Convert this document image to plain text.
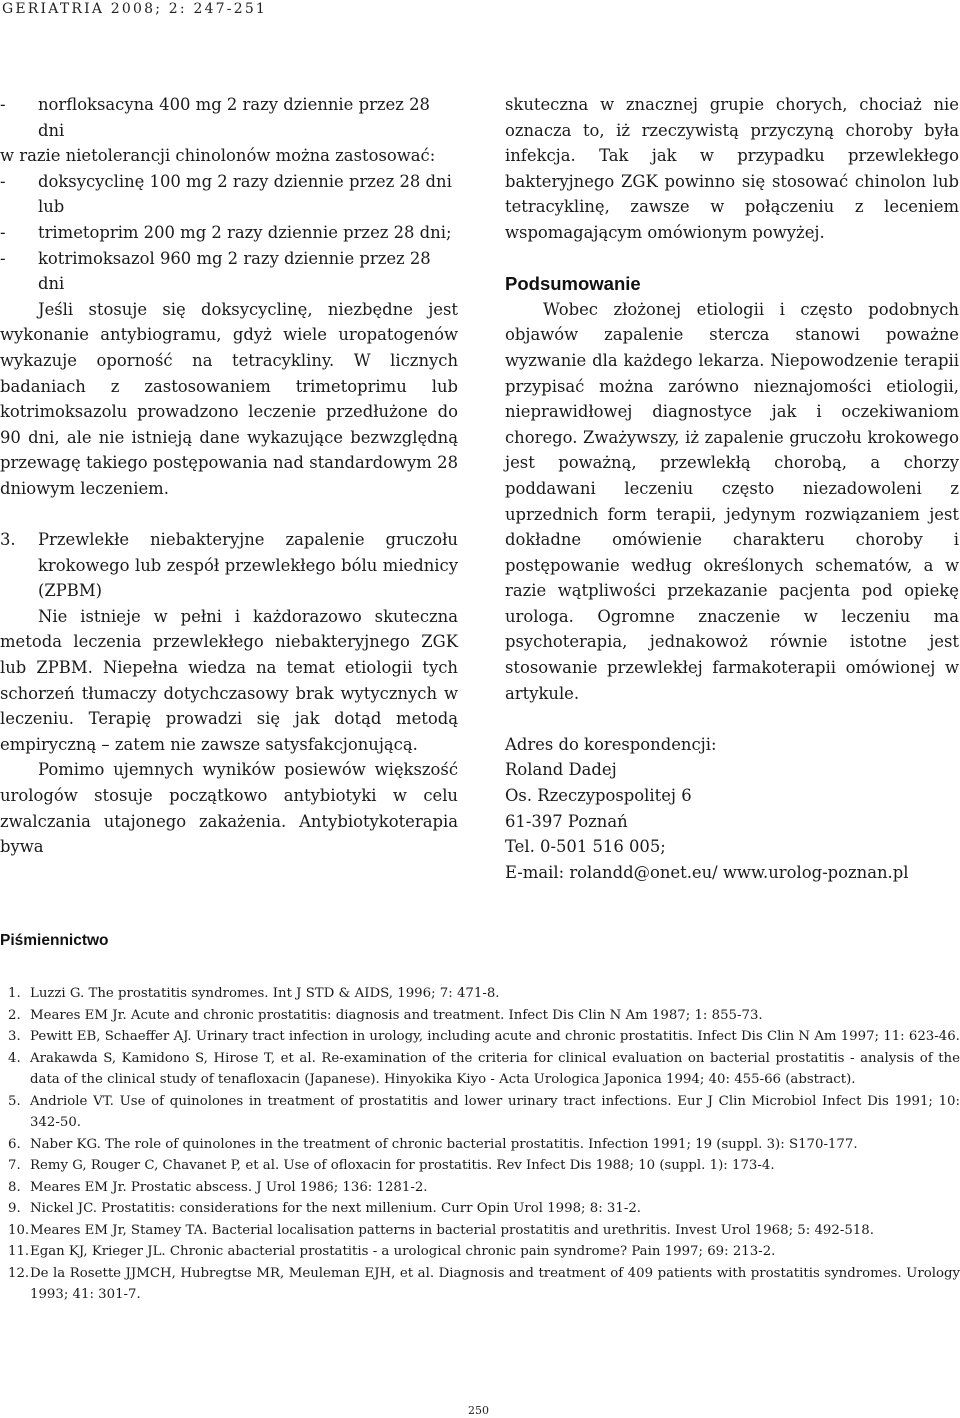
GERIATRIA 2008; 2: 247-251
-	norfloksacyna 400 mg 2 razy dziennie przez 28 dni

w razie nietolerancji chinolonów można zastosować:

-	doksycyclinę 100 mg 2 razy dziennie przez 28 dni lub
-	trimetoprim 200 mg 2 razy dziennie przez 28 dni;
-	kotrimoksazol 960 mg 2 razy dziennie przez 28 dni

Jeśli stosuje się doksycyclinę, niezbędne jest wykonanie antybiogramu, gdyż wiele uropatogenów wykazuje oporność na tetracykliny. W licznych badaniach z zastosowaniem trimetoprimu lub kotrimoksazolu prowadzono leczenie przedłużone do 90 dni, ale nie istnieją dane wykazujące bezwzględną przewagę takiego postępowania nad standardowym 28 dniowym leczeniem.

3.	Przewlekłe niebakteryjne zapalenie gruczołu krokowego lub zespół przewlekłego bólu miednicy (ZPBM)

Nie istnieje w pełni i każdorazowo skuteczna metoda leczenia przewlekłego niebakteryjnego ZGK lub ZPBM. Niepełna wiedza na temat etiologii tych schorzeń tłumaczy dotychczasowy brak wytycznych w leczeniu. Terapię prowadzi się jak dotąd metodą empiryczną – zatem nie zawsze satysfakcjonującą.

Pomimo ujemnych wyników posiewów większość urologów stosuje początkowo antybiotyki w celu zwalczania utajonego zakażenia. Antybiotykoterapia bywa

skuteczna w znacznej grupie chorych, chociaż nie oznacza to, iż rzeczywistą przyczyną choroby była infekcja. Tak jak w przypadku przewlekłego bakteryjnego ZGK powinno się stosować chinolon lub tetracyklinę, zawsze w połączeniu z leceniem wspomagającym omówionym powyżej.

Podsumowanie

Wobec złożonej etiologii i często podobnych objawów zapalenie stercza stanowi poważne wyzwanie dla każdego lekarza. Niepowodzenie terapii przypisać można zarówno nieznajomości etiologii, nieprawidłowej diagnostyce jak i oczekiwaniom chorego. Zważywszy, iż zapalenie gruczołu krokowego jest poważną, przewlekłą chorobą, a chorzy poddawani leczeniu często niezadowoleni z uprzednich form terapii, jedynym rozwiązaniem jest dokładne omówienie charakteru choroby i postępowanie według określonych schematów, a w razie wątpliwości przekazanie pacjenta pod opiekę urologa. Ogromne znaczenie w leczeniu ma psychoterapia, jednakowoż równie istotne jest stosowanie przewlekłej farmakoterapii omówionej w artykule.

Adres do korespondencji:
Roland Dadej
Os. Rzeczypospolitej 6
61-397 Poznań
Tel. 0-501 516 005;
E-mail: rolandd@onet.eu/ www.urolog-poznan.pl
Piśmiennictwo
1. Luzzi G. The prostatitis syndromes. Int J STD & AIDS, 1996; 7: 471-8.
2. Meares EM Jr. Acute and chronic prostatitis: diagnosis and treatment. Infect Dis Clin N Am 1987; 1: 855-73.
3. Pewitt EB, Schaeffer AJ. Urinary tract infection in urology, including acute and chronic prostatitis. Infect Dis Clin N Am 1997; 11: 623-46.
4. Arakawda S, Kamidono S, Hirose T, et al. Re-examination of the criteria for clinical evaluation on bacterial prostatitis - analysis of the data of the clinical study of tenafloxacin (Japanese). Hinyokika Kiyo - Acta Urologica Japonica 1994; 40: 455-66 (abstract).
5. Andriole VT. Use of quinolones in treatment of prostatitis and lower urinary tract infections. Eur J Clin Microbiol Infect Dis 1991; 10: 342-50.
6. Naber KG. The role of quinolones in the treatment of chronic bacterial prostatitis. Infection 1991; 19 (suppl. 3): S170-177.
7. Remy G, Rouger C, Chavanet P, et al. Use of ofloxacin for prostatitis. Rev Infect Dis 1988; 10 (suppl. 1): 173-4.
8. Meares EM Jr. Prostatic abscess. J Urol 1986; 136: 1281-2.
9. Nickel JC. Prostatitis: considerations for the next millenium. Curr Opin Urol 1998; 8: 31-2.
10. Meares EM Jr, Stamey TA. Bacterial localisation patterns in bacterial prostatitis and urethritis. Invest Urol 1968; 5: 492-518.
11. Egan KJ, Krieger JL. Chronic abacterial prostatitis - a urological chronic pain syndrome? Pain 1997; 69: 213-2.
12. De la Rosette JJMCH, Hubregtse MR, Meuleman EJH, et al. Diagnosis and treatment of 409 patients with prostatitis syndromes. Urology 1993; 41: 301-7.
250
